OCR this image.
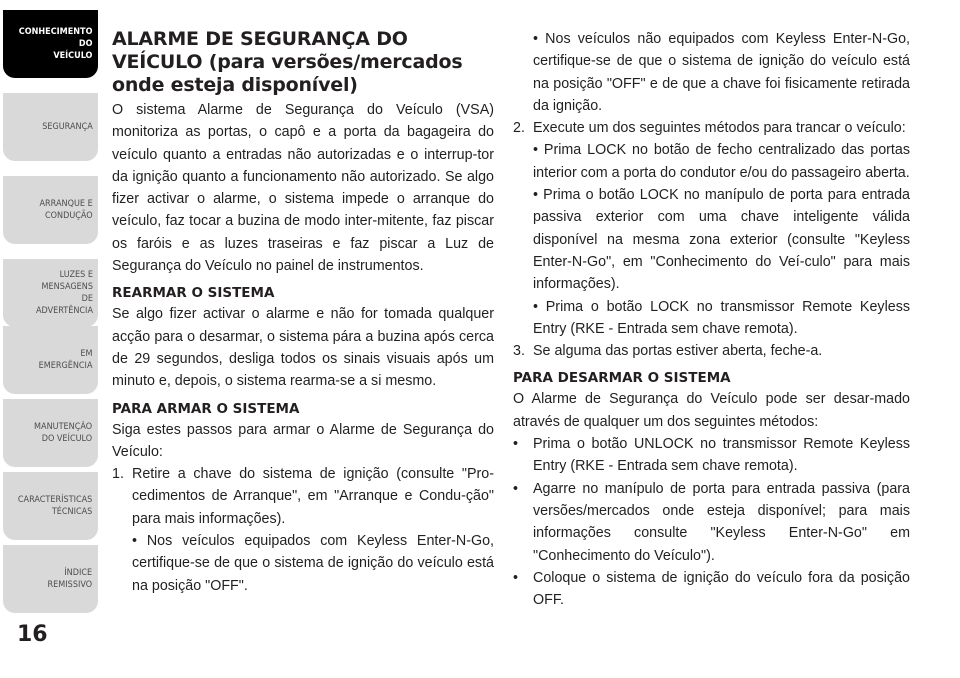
CONHECIMENTO
DO
VEÍCULO
SEGURANÇA
ARRANQUE E
CONDUÇÃO
LUZES E
MENSAGENS
DE
ADVERTÊNCIA
EM
EMERGÊNCIA
MANUTENÇÃO
DO VEÍCULO
CARACTERÍSTICAS
TÉCNICAS
ÍNDICE
REMISSIVO
16
ALARME DE SEGURANÇA DO VEÍCULO (para versões/mercados onde esteja disponível)

O sistema Alarme de Segurança do Veículo (VSA) monitoriza as portas, o capô e a porta da bagageira do veículo quanto a entradas não autorizadas e o interrup-tor da ignição quanto a funcionamento não autorizado. Se algo fizer activar o alarme, o sistema impede o arranque do veículo, faz tocar a buzina de modo inter-mitente, faz piscar os faróis e as luzes traseiras e faz piscar a Luz de Segurança do Veículo no painel de instrumentos.

REARMAR O SISTEMA

Se algo fizer activar o alarme e não for tomada qualquer acção para o desarmar, o sistema pára a buzina após cerca de 29 segundos, desliga todos os sinais visuais após um minuto e, depois, o sistema rearma-se a si mesmo.

PARA ARMAR O SISTEMA

Siga estes passos para armar o Alarme de Segurança do Veículo:

1. Retire a chave do sistema de ignição (consulte "Pro-cedimentos de Arranque", em "Arranque e Condu-ção" para mais informações).

• Nos veículos equipados com Keyless Enter-N-Go, certifique-se de que o sistema de ignição do veículo está na posição "OFF".

• Nos veículos não equipados com Keyless Enter-N-Go, certifique-se de que o sistema de ignição do veículo está na posição "OFF" e de que a chave foi fisicamente retirada da ignição.

2. Execute um dos seguintes métodos para trancar o veículo:

• Prima LOCK no botão de fecho centralizado das portas interior com a porta do condutor e/ou do passageiro aberta.

• Prima o botão LOCK no manípulo de porta para entrada passiva exterior com uma chave inteligente válida disponível na mesma zona exterior (consulte "Keyless Enter-N-Go", em "Conhecimento do Veí-culo" para mais informações).

• Prima o botão LOCK no transmissor Remote Keyless Entry (RKE - Entrada sem chave remota).

3. Se alguma das portas estiver aberta, feche-a.
PARA DESARMAR O SISTEMA

O Alarme de Segurança do Veículo pode ser desar-mado através de qualquer um dos seguintes métodos:

•	Prima o botão UNLOCK no transmissor Remote Keyless Entry (RKE - Entrada sem chave remota).
•	Agarre no manípulo de porta para entrada passiva (para versões/mercados onde esteja disponível; para mais informações consulte "Keyless Enter-N-Go" em "Conhecimento do Veículo").
•	Coloque o sistema de ignição do veículo fora da posição OFF.
